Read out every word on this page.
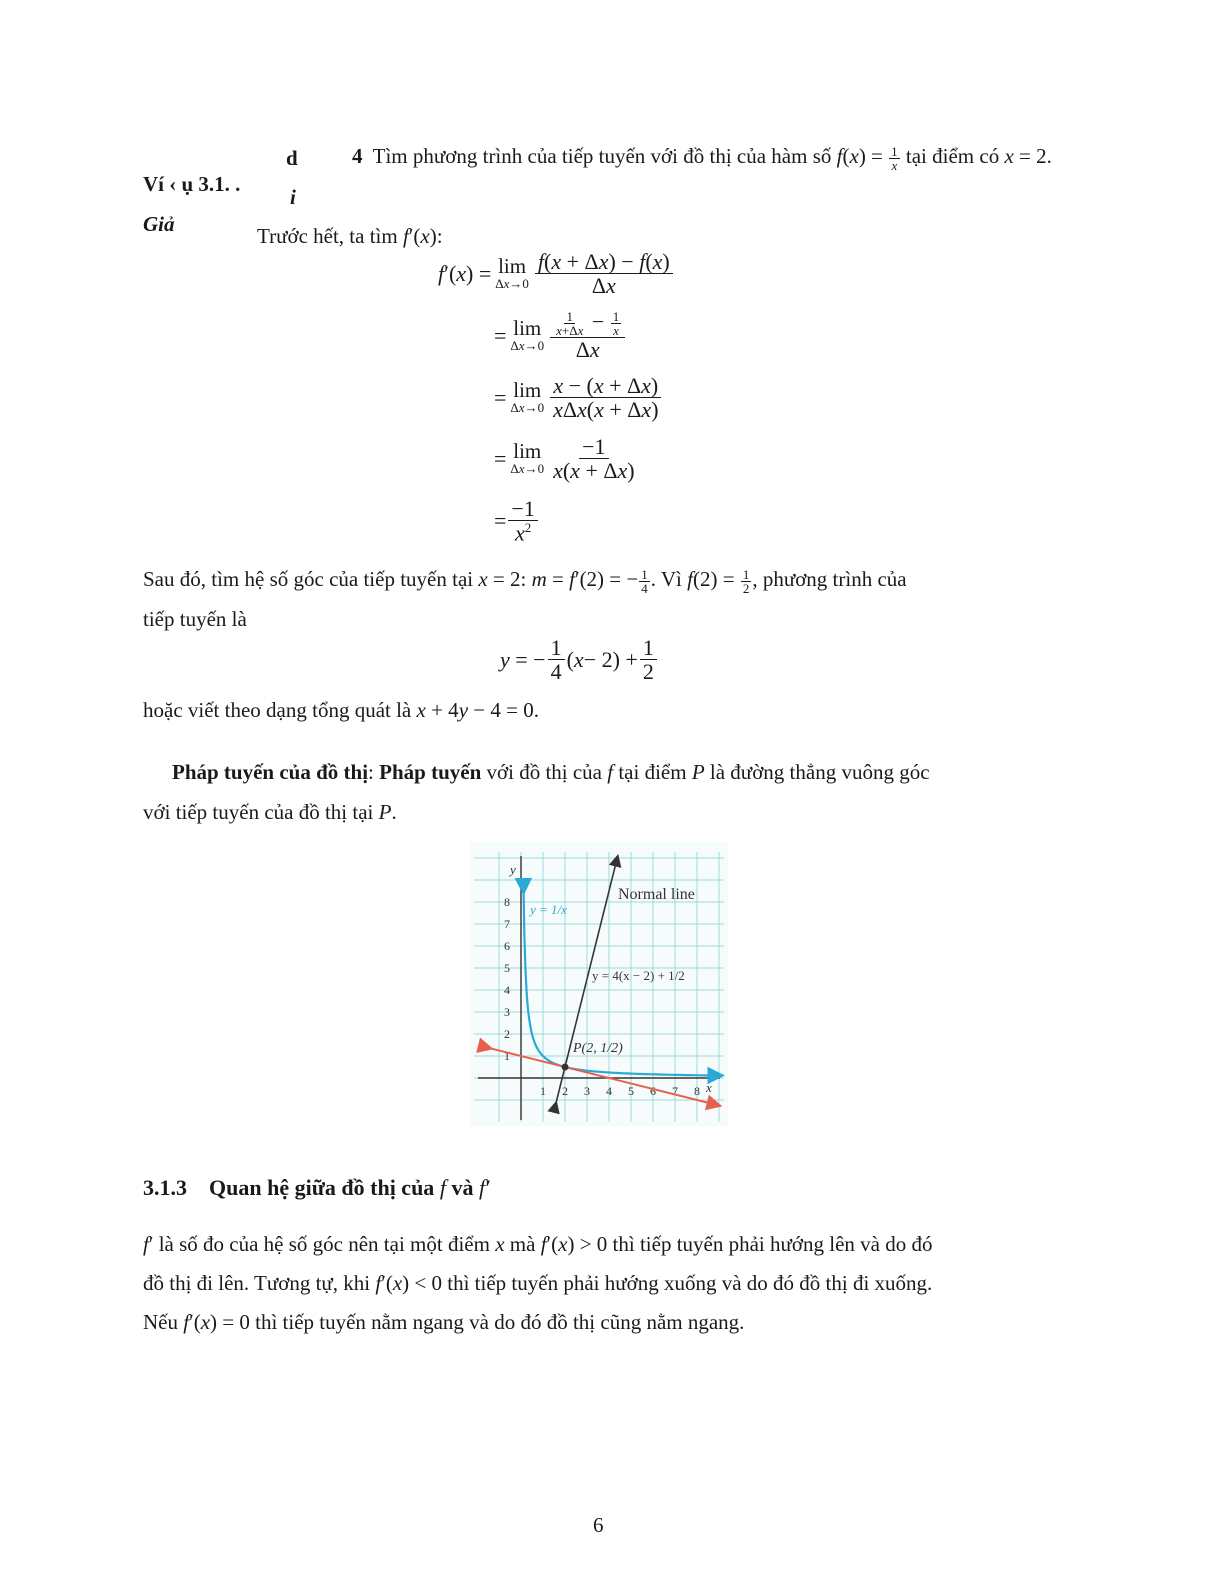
d
i
Ví ‹ ụ 3.1. .
4 Tìm phương trình của tiếp tuyến với đồ thị của hàm số $f(x) = \frac{1}{x}$ tại điểm có x = 2.
Giả	Trước hết, ta tìm f′(x):
f′(x) = lim
$\Delta x\to 0 \frac{f(x + \Delta x) - f(x)}{\Delta x}$
= lim
$\Delta x\to 0 \frac{\frac{1}{x+\Delta x} - \frac{1}{x}}{\Delta x}$
= lim
$\Delta x\to 0 \frac{x - (x + \Delta x)}{\text{xΔx(x + Δx)}}$
= lim
$\Delta x\to 0 \frac{-1}{x(x + \Delta x)}$
= $\frac{-1}{x^2}$
Sau đó, tìm hệ số góc của tiếp tuyến tại x = 2: m = f′(2) = − $\frac{1}{4}$ . Vì $f(2) = \frac{1}{2}$ , phương trình của
tiếp tuyến là
y = − $\frac{1}{4}$ ( $x - 2) + \frac{1}{2}$
hoặc viết theo dạng tổng quát là x + 4y − 4 = 0.
Pháp tuyến của đồ thị: Pháp tuyến với đồ thị của f tại điểm P là đường thẳng vuông góc
với tiếp tuyến của đồ thị tại P.
1 2 3 4 5 6 7 8
1
2
3
4
5
6
7
8
y
x
Normal line
y = 1/x
y = 4(x − 2) + 1/2
P(2, 1/2)
3.1.3 Quan hệ giữa đồ thị của f và f′
f′ là số đo của hệ số góc nên tại một điểm x mà f′(x) > 0 thì tiếp tuyến phải hướng lên và do đó
đồ thị đi lên. Tương tự, khi f′(x) < 0 thì tiếp tuyến phải hướng xuống và do đó đồ thị đi xuống.
Nếu f′(x) = 0 thì tiếp tuyến nằm ngang và do đó đồ thị cũng nằm ngang.
6
